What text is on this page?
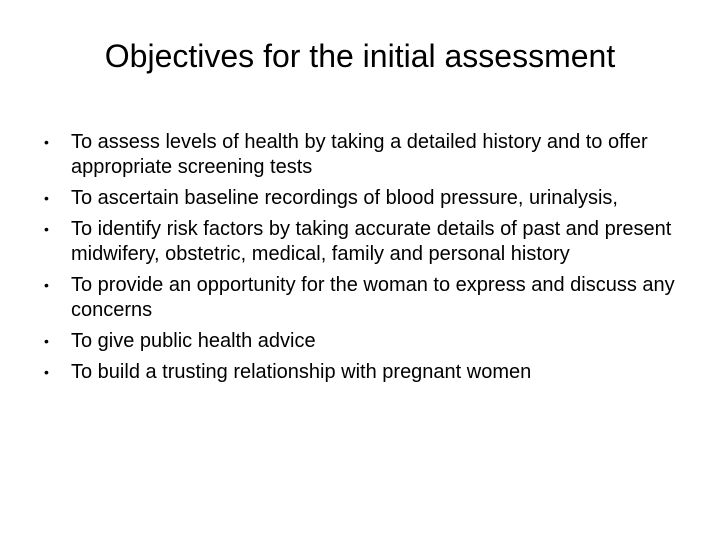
Objectives for the initial assessment
•	To assess levels of health by taking a detailed history and to offer appropriate screening tests
•	To ascertain baseline recordings of blood pressure, urinalysis,
•	To identify risk factors by taking accurate details of past and present midwifery, obstetric, medical, family and personal history
•	To provide an opportunity for the woman to express and discuss any concerns
•	To give public health advice
•	To build a trusting relationship with pregnant women
